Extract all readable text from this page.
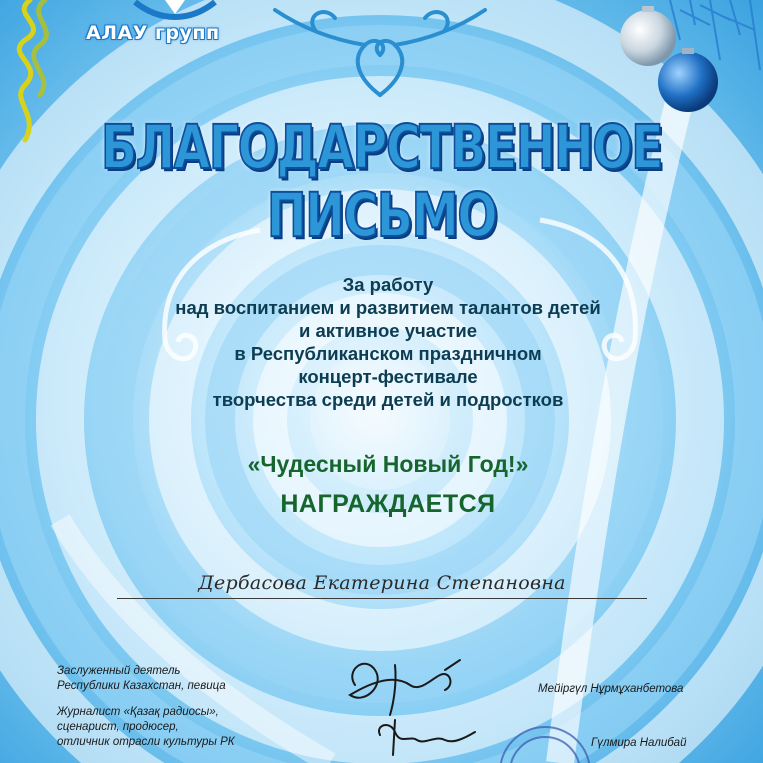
АЛАУ групп
БЛАГОДАРСТВЕННОЕ
ПИСЬМО
За работу
над воспитанием и развитием талантов детей
и активное участие
в Республиканском праздничном
концерт-фестивале
творчества среди детей и подростков
«Чудесный Новый Год!»
НАГРАЖДАЕТСЯ
Дербасова Екатерина Степановна
Заслуженный деятель
Республики Казахстан, певица
Журналист «Қазақ радиосы»,
сценарист, продюсер,
отличник отрасли культуры РК
Мейіргүл Нұрмұханбетова
Гүлмира Налибай
